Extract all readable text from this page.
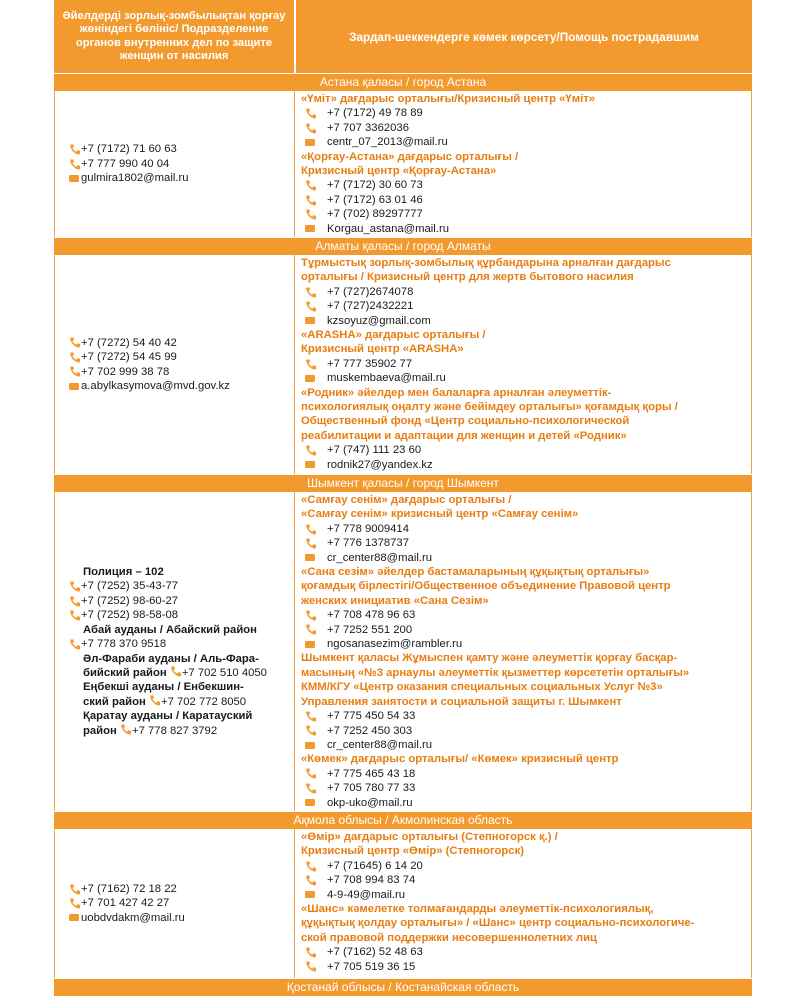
Әйелдерді зорлық-зомбылықтан қорғау жөніндегі бөлініс/ Подразделение органов внутренних дел по защите женщин от насилия
Зардап-шеккендерге көмек көрсету/Помощь пострадавшим
Астана қаласы / город Астана
+7 (7172) 71 60 63
+7 777 990 40 04
gulmira1802@mail.ru
«Үміт» дағдарыс орталығы/Кризисный центр «Үміт»
+7 (7172) 49 78 89
+7 707 3362036
centr_07_2013@mail.ru
«Қорғау-Астана» дағдарыс орталығы /
Кризисный центр «Қорғау-Астана»
+7 (7172) 30 60 73
+7 (7172) 63 01 46
+7 (702) 89297777
Korgau_astana@mail.ru
Алматы қаласы / город Алматы
+7 (7272) 54 40 42
+7 (7272) 54 45 99
+7 702 999 38 78
a.abylkasymova@mvd.gov.kz
Тұрмыстық зорлық-зомбылық құрбандарына арналған дағдарыс
орталығы / Кризисный центр для жертв бытового насилия
+7 (727)2674078
+7 (727)2432221
kzsoyuz@gmail.com
«ARASHA» дағдарыс орталығы /
Кризисный центр «ARASHA»
+7 777 35902 77
muskembaeva@mail.ru
«Родник» әйелдер мен балаларға арналған әлеуметтік-
психологиялық оңалту және бейімдеу орталығы» қоғамдық қоры /
Общественный фонд «Центр социально-психологической
реабилитации и адаптации для женщин и детей «Родник»
+7 (747) 111 23 60
rodnik27@yandex.kz
Шымкент қаласы / город Шымкент
Полиция – 102
+7 (7252) 35-43-77
+7 (7252) 98-60-27
+7 (7252) 98-58-08
Абай ауданы / Абайский район
+7 778 370 9518
Әл-Фараби ауданы / Аль-Фара-
бийский район +7 702 510 4050
Еңбекші ауданы / Енбекшин-
ский район +7 702 772 8050
Қаратау ауданы / Каратауский
район +7 778 827 3792
«Самғау сенім» дағдарыс орталығы /
«Самғау сенім» кризисный центр «Самғау сенім»
+7 778 9009414
+7 776 1378737
cr_center88@mail.ru
«Сана сезім» әйелдер бастамаларының құқықтық орталығы»
қоғамдық бірлестігі/Общественное объединение Правовой центр
женских инициатив «Сана Сезім»
+7 708 478 96 63
+7 7252 551 200
ngosanasezim@rambler.ru
Шымкент қаласы Жұмыспен қамту және әлеуметтік қорғау басқар-
масының «№3 арнаулы әлеуметтік қызметтер көрсететін орталығы»
КММ/КГУ «Центр оказания специальных социальных Услуг №3»
Управления занятости и социальной защиты г. Шымкент
+7 775 450 54 33
+7 7252 450 303
cr_center88@mail.ru
«Көмек» дағдарыс орталығы/ «Көмек» кризисный центр
+7 775 465 43 18
+7 705 780 77 33
okp-uko@mail.ru
Ақмола облысы / Акмолинская область
+7 (7162) 72 18 22
+7 701 427 42 27
uobdvdakm@mail.ru
«Өмір» дағдарыс орталығы (Степногорск қ.) /
Кризисный центр «Өмір» (Степногорск)
+7 (71645) 6 14 20
+7 708 994 83 74
4-9-49@mail.ru
«Шанс» кәмелетке толмағандарды әлеуметтік-психологиялық,
құқықтық қолдау орталығы» / «Шанс» центр социально-психологиче-
ской правовой поддержки несовершеннолетних лиц
+7 (7162) 52 48 63
+7 705 519 36 15
Қостанай облысы / Костанайская область
